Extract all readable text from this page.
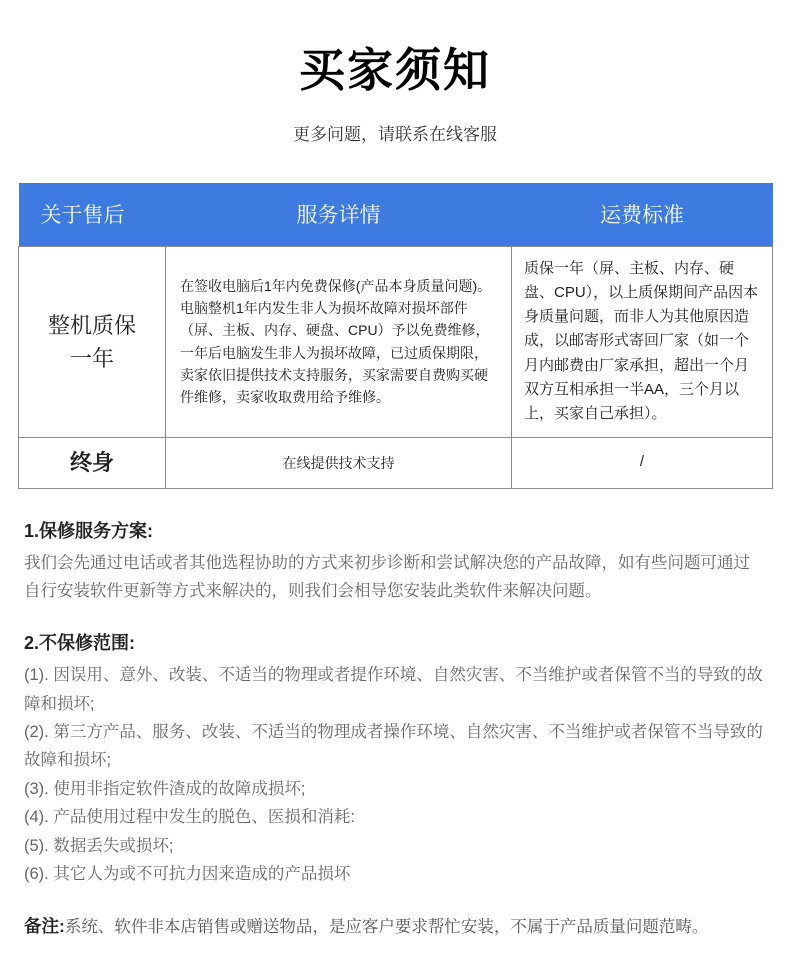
买家须知
更多问题，请联系在线客服
关于售后	服务详情	运费标准
整机质保一年	在签收电脑后1年内免费保修(产品本身质量问题)。电脑整机1年内发生非人为损坏故障对损坏部件（屏、主板、内存、硬盘、CPU）予以免费维修，一年后电脑发生非人为损坏故障，已过质保期限，卖家依旧提供技术支持服务，买家需要自费购买硬件维修，卖家收取费用给予维修。	质保一年（屏、主板、内存、硬盘、CPU），以上质保期间产品因本身质量问题，而非人为其他原因造成，以邮寄形式寄回厂家（如一个月内邮费由厂家承担，超出一个月双方互相承担一半AA，三个月以上，买家自己承担）。
终身	在线提供技术支持	/
1.保修服务方案:
我们会先通过电话或者其他选程协助的方式来初步诊断和尝试解决您的产品故障，如有些问题可通过自行安装软件更新等方式来解决的，则我们会相导您安装此类软件来解决问题。
2.不保修范围:
(1). 因误用、意外、改装、不适当的物理或者提作环境、自然灾害、不当维护或者保管不当的导致的故障和损坏;
(2). 第三方产品、服务、改装、不适当的物理成者操作环境、自然灾害、不当维护或者保管不当导致的故障和损坏;
(3). 使用非指定软件渣成的故障成损坏;
(4). 产品使用过程中发生的脱色、医损和消耗:
(5). 数据丢失或损坏;
(6). 其它人为或不可抗力因来造成的产品损坏
备注:系统、软件非本店销售或赠送物品，是应客户要求帮忙安装，不属于产品质量问题范畴。
